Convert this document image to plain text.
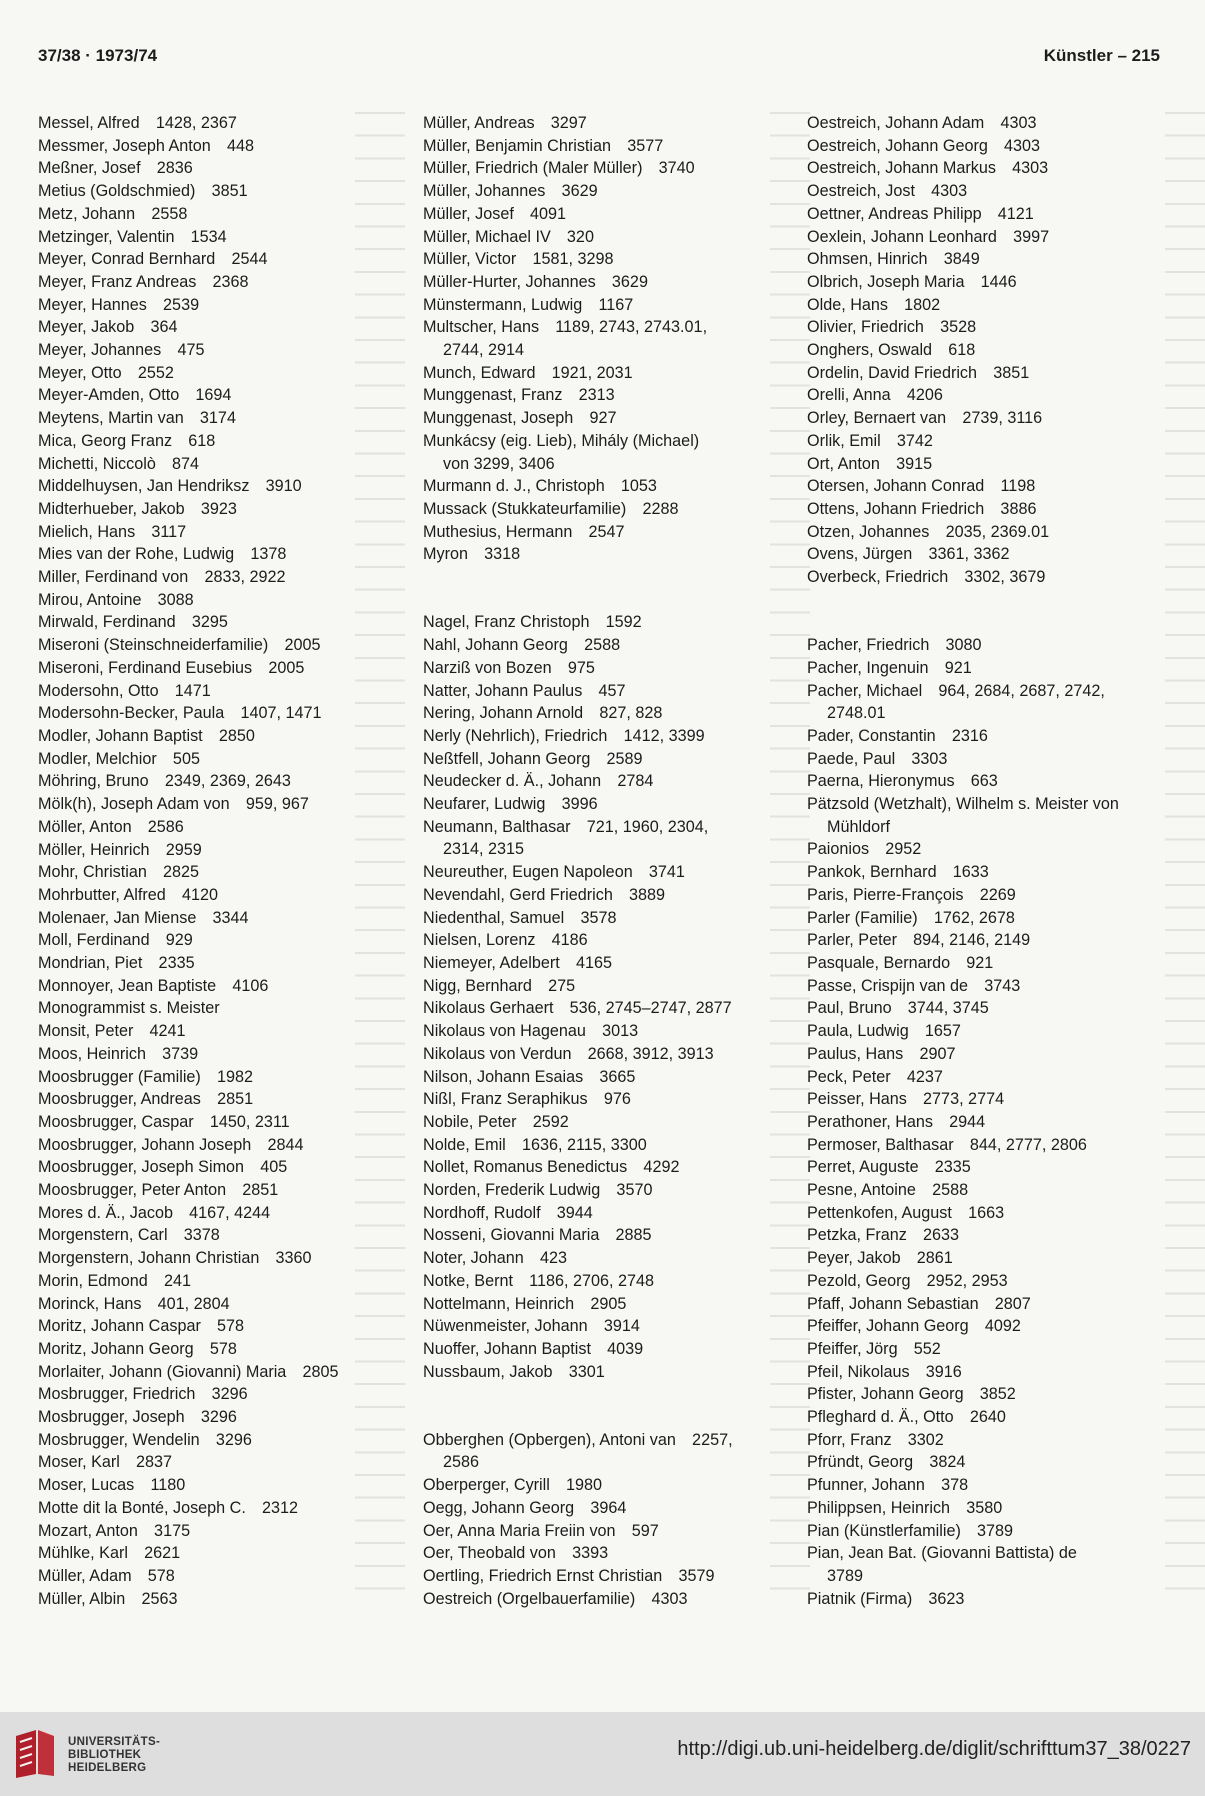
37/38 · 1973/74	Künstler – 215
Messel, Alfred 1428, 2367
Messmer, Joseph Anton 448
Meßner, Josef 2836
Metius (Goldschmied) 3851
Metz, Johann 2558
Metzinger, Valentin 1534
Meyer, Conrad Bernhard 2544
Meyer, Franz Andreas 2368
Meyer, Hannes 2539
Meyer, Jakob 364
Meyer, Johannes 475
Meyer, Otto 2552
Meyer-Amden, Otto 1694
Meytens, Martin van 3174
Mica, Georg Franz 618
Michetti, Niccolò 874
Middelhuysen, Jan Hendriksz 3910
Midterhueber, Jakob 3923
Mielich, Hans 3117
Mies van der Rohe, Ludwig 1378
Miller, Ferdinand von 2833, 2922
Mirou, Antoine 3088
Mirwald, Ferdinand 3295
Miseroni (Steinschneiderfamilie) 2005
Miseroni, Ferdinand Eusebius 2005
Modersohn, Otto 1471
Modersohn-Becker, Paula 1407, 1471
Modler, Johann Baptist 2850
Modler, Melchior 505
Möhring, Bruno 2349, 2369, 2643
Mölk(h), Joseph Adam von 959, 967
Möller, Anton 2586
Möller, Heinrich 2959
Mohr, Christian 2825
Mohrbutter, Alfred 4120
Molenaer, Jan Miense 3344
Moll, Ferdinand 929
Mondrian, Piet 2335
Monnoyer, Jean Baptiste 4106
Monogrammist s. Meister
Monsit, Peter 4241
Moos, Heinrich 3739
Moosbrugger (Familie) 1982
Moosbrugger, Andreas 2851
Moosbrugger, Caspar 1450, 2311
Moosbrugger, Johann Joseph 2844
Moosbrugger, Joseph Simon 405
Moosbrugger, Peter Anton 2851
Mores d. Ä., Jacob 4167, 4244
Morgenstern, Carl 3378
Morgenstern, Johann Christian 3360
Morin, Edmond 241
Morinck, Hans 401, 2804
Moritz, Johann Caspar 578
Moritz, Johann Georg 578
Morlaiter, Johann (Giovanni) Maria 2805
Mosbrugger, Friedrich 3296
Mosbrugger, Joseph 3296
Mosbrugger, Wendelin 3296
Moser, Karl 2837
Moser, Lucas 1180
Motte dit la Bonté, Joseph C. 2312
Mozart, Anton 3175
Mühlke, Karl 2621
Müller, Adam 578
Müller, Albin 2563
Müller, Andreas 3297
Müller, Benjamin Christian 3577
Müller, Friedrich (Maler Müller) 3740
Müller, Johannes 3629
Müller, Josef 4091
Müller, Michael IV 320
Müller, Victor 1581, 3298
Müller-Hurter, Johannes 3629
Münstermann, Ludwig 1167
Multscher, Hans 1189, 2743, 2743.01,
2744, 2914
Munch, Edward 1921, 2031
Munggenast, Franz 2313
Munggenast, Joseph 927
Munkácsy (eig. Lieb), Mihály (Michael)
von 3299, 3406
Murmann d. J., Christoph 1053
Mussack (Stukkateurfamilie) 2288
Muthesius, Hermann 2547
Myron 3318
Nagel, Franz Christoph 1592
Nahl, Johann Georg 2588
Narziß von Bozen 975
Natter, Johann Paulus 457
Nering, Johann Arnold 827, 828
Nerly (Nehrlich), Friedrich 1412, 3399
Neßtfell, Johann Georg 2589
Neudecker d. Ä., Johann 2784
Neufarer, Ludwig 3996
Neumann, Balthasar 721, 1960, 2304,
2314, 2315
Neureuther, Eugen Napoleon 3741
Nevendahl, Gerd Friedrich 3889
Niedenthal, Samuel 3578
Nielsen, Lorenz 4186
Niemeyer, Adelbert 4165
Nigg, Bernhard 275
Nikolaus Gerhaert 536, 2745–2747, 2877
Nikolaus von Hagenau 3013
Nikolaus von Verdun 2668, 3912, 3913
Nilson, Johann Esaias 3665
Nißl, Franz Seraphikus 976
Nobile, Peter 2592
Nolde, Emil 1636, 2115, 3300
Nollet, Romanus Benedictus 4292
Norden, Frederik Ludwig 3570
Nordhoff, Rudolf 3944
Nosseni, Giovanni Maria 2885
Noter, Johann 423
Notke, Bernt 1186, 2706, 2748
Nottelmann, Heinrich 2905
Nüwenmeister, Johann 3914
Nuoffer, Johann Baptist 4039
Nussbaum, Jakob 3301
Obberghen (Opbergen), Antoni van 2257,
2586
Oberperger, Cyrill 1980
Oegg, Johann Georg 3964
Oer, Anna Maria Freiin von 597
Oer, Theobald von 3393
Oertling, Friedrich Ernst Christian 3579
Oestreich (Orgelbauerfamilie) 4303
Oestreich, Johann Adam 4303
Oestreich, Johann Georg 4303
Oestreich, Johann Markus 4303
Oestreich, Jost 4303
Oettner, Andreas Philipp 4121
Oexlein, Johann Leonhard 3997
Ohmsen, Hinrich 3849
Olbrich, Joseph Maria 1446
Olde, Hans 1802
Olivier, Friedrich 3528
Onghers, Oswald 618
Ordelin, David Friedrich 3851
Orelli, Anna 4206
Orley, Bernaert van 2739, 3116
Orlik, Emil 3742
Ort, Anton 3915
Otersen, Johann Conrad 1198
Ottens, Johann Friedrich 3886
Otzen, Johannes 2035, 2369.01
Ovens, Jürgen 3361, 3362
Overbeck, Friedrich 3302, 3679
Pacher, Friedrich 3080
Pacher, Ingenuin 921
Pacher, Michael 964, 2684, 2687, 2742,
2748.01
Pader, Constantin 2316
Paede, Paul 3303
Paerna, Hieronymus 663
Pätzsold (Wetzhalt), Wilhelm s. Meister von
Mühldorf
Paionios 2952
Pankok, Bernhard 1633
Paris, Pierre-François 2269
Parler (Familie) 1762, 2678
Parler, Peter 894, 2146, 2149
Pasquale, Bernardo 921
Passe, Crispijn van de 3743
Paul, Bruno 3744, 3745
Paula, Ludwig 1657
Paulus, Hans 2907
Peck, Peter 4237
Peisser, Hans 2773, 2774
Perathoner, Hans 2944
Permoser, Balthasar 844, 2777, 2806
Perret, Auguste 2335
Pesne, Antoine 2588
Pettenkofen, August 1663
Petzka, Franz 2633
Peyer, Jakob 2861
Pezold, Georg 2952, 2953
Pfaff, Johann Sebastian 2807
Pfeiffer, Johann Georg 4092
Pfeiffer, Jörg 552
Pfeil, Nikolaus 3916
Pfister, Johann Georg 3852
Pfleghard d. Ä., Otto 2640
Pforr, Franz 3302
Pfründt, Georg 3824
Pfunner, Johann 378
Philippsen, Heinrich 3580
Pian (Künstlerfamilie) 3789
Pian, Jean Bat. (Giovanni Battista) de
3789
Piatnik (Firma) 3623
UNIVERSITÄTS-
BIBLIOTHEK
HEIDELBERG
http://digi.ub.uni-heidelberg.de/diglit/schrifttum37_38/0227
